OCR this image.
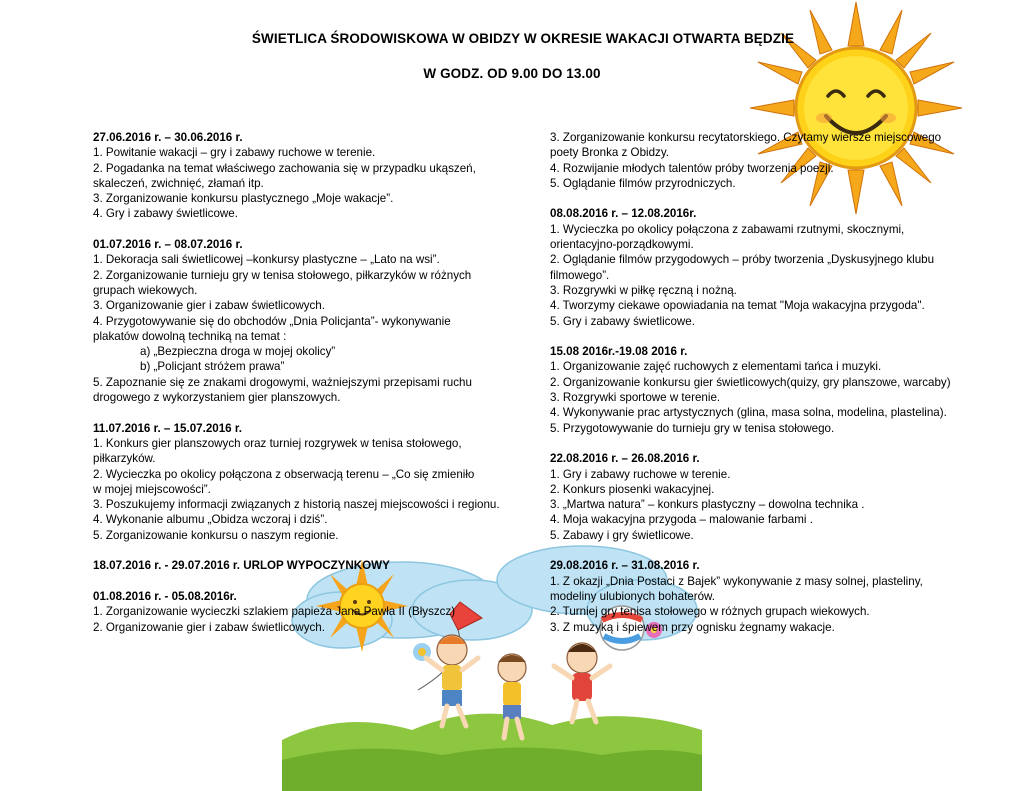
ŚWIETLICA ŚRODOWISKOWA W OBIDZY W OKRESIE WAKACJI OTWARTA BĘDZIE
W GODZ. OD 9.00 DO 13.00
27.06.2016 r. – 30.06.2016 r.
1. Powitanie wakacji – gry i zabawy ruchowe w terenie.
2. Pogadanka na temat właściwego zachowania się w przypadku ukąszeń,
skaleczeń, zwichnięć, złamań itp.
3. Zorganizowanie konkursu plastycznego „Moje wakacje”.
4. Gry i zabawy świetlicowe.
01.07.2016 r. – 08.07.2016 r.
1. Dekoracja sali świetlicowej –konkursy plastyczne – „Lato na wsi”.
2. Zorganizowanie turnieju gry w tenisa stołowego, piłkarzyków w różnych
grupach wiekowych.
3. Organizowanie gier i zabaw świetlicowych.
4. Przygotowywanie się do obchodów „Dnia Policjanta”- wykonywanie
plakatów dowolną techniką na temat :
a) „Bezpieczna droga w mojej okolicy”
b) „Policjant stróżem prawa”
5. Zapoznanie się ze znakami drogowymi, ważniejszymi przepisami ruchu
drogowego z wykorzystaniem gier planszowych.
11.07.2016 r. – 15.07.2016 r.
1. Konkurs gier planszowych oraz turniej rozgrywek w tenisa stołowego,
piłkarzyków.
2. Wycieczka po okolicy połączona z obserwacją terenu – „Co się zmieniło
w mojej miejscowości”.
3. Poszukujemy informacji związanych z historią naszej miejscowości i regionu.
4. Wykonanie albumu „Obidza wczoraj i dziś”.
5. Zorganizowanie konkursu o naszym regionie.
18.07.2016 r. - 29.07.2016 r. URLOP WYPOCZYNKOWY
01.08.2016 r. - 05.08.2016r.
1. Zorganizowanie wycieczki szlakiem papieża Jana Pawła II (Błyszcz)
2. Organizowanie gier i zabaw świetlicowych.
3. Zorganizowanie konkursu recytatorskiego. Czytamy wiersze miejscowego
poety Bronka z Obidzy.
4. Rozwijanie młodych talentów próby tworzenia poezji.
5. Oglądanie filmów przyrodniczych.
08.08.2016 r. – 12.08.2016r.
1. Wycieczka po okolicy połączona z zabawami rzutnymi, skocznymi,
orientacyjno-porządkowymi.
2. Oglądanie filmów przygodowych – próby tworzenia „Dyskusyjnego klubu
filmowego”.
3. Rozgrywki w piłkę ręczną i nożną.
4. Tworzymy ciekawe opowiadania na temat "Moja wakacyjna przygoda".
5. Gry i zabawy świetlicowe.
15.08 2016r.-19.08 2016 r.
1. Organizowanie zajęć ruchowych z elementami tańca i muzyki.
2. Organizowanie konkursu gier świetlicowych(quizy, gry planszowe, warcaby)
3. Rozgrywki sportowe w terenie.
4. Wykonywanie prac artystycznych (glina, masa solna, modelina, plastelina).
5. Przygotowywanie do turnieju gry w tenisa stołowego.
22.08.2016 r. – 26.08.2016 r.
1. Gry i zabawy ruchowe w terenie.
2. Konkurs piosenki wakacyjnej.
3. „Martwa natura” – konkurs plastyczny – dowolna technika .
4. Moja wakacyjna przygoda – malowanie farbami .
5. Zabawy i gry świetlicowe.
29.08.2016 r. – 31.08.2016 r.
1. Z okazji „Dnia Postaci z Bajek” wykonywanie z masy solnej, plasteliny,
modeliny ulubionych bohaterów.
2. Turniej gry tenisa stołowego w różnych grupach wiekowych.
3. Z muzyką i śpiewem przy ognisku żegnamy wakacje.
